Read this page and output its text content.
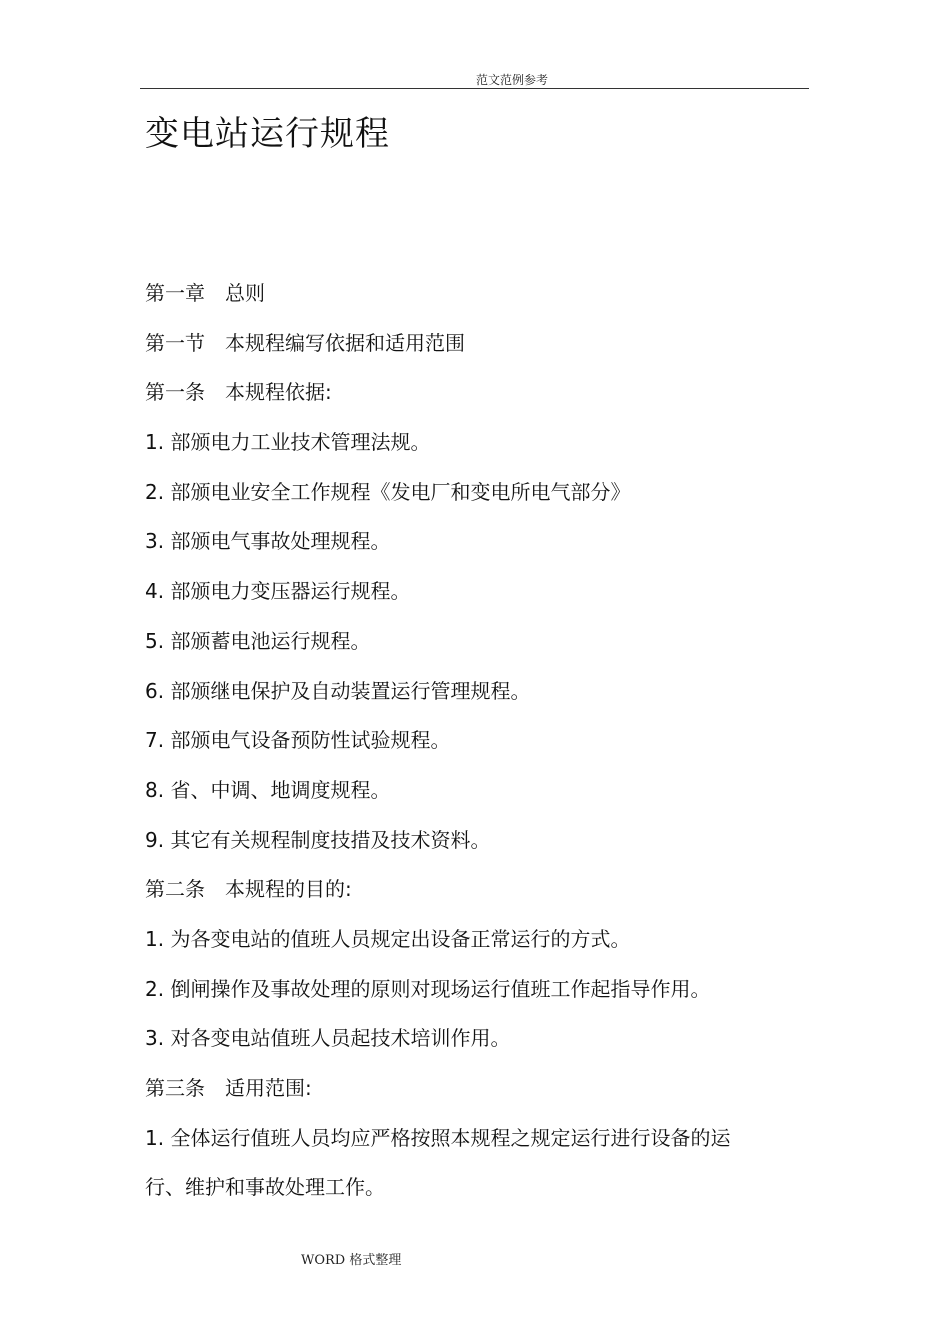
范文范例参考
变电站运行规程
第一章　总则
第一节　本规程编写依据和适用范围
第一条　本规程依据:
1. 部颁电力工业技术管理法规。
2. 部颁电业安全工作规程《发电厂和变电所电气部分》
3. 部颁电气事故处理规程。
4. 部颁电力变压器运行规程。
5. 部颁蓄电池运行规程。
6. 部颁继电保护及自动装置运行管理规程。
7. 部颁电气设备预防性试验规程。
8. 省、中调、地调度规程。
9. 其它有关规程制度技措及技术资料。
第二条　本规程的目的:
1. 为各变电站的值班人员规定出设备正常运行的方式。
2. 倒闸操作及事故处理的原则对现场运行值班工作起指导作用。
3. 对各变电站值班人员起技术培训作用。
第三条　适用范围:
1. 全体运行值班人员均应严格按照本规程之规定运行进行设备的运
行、维护和事故处理工作。
WORD 格式整理
